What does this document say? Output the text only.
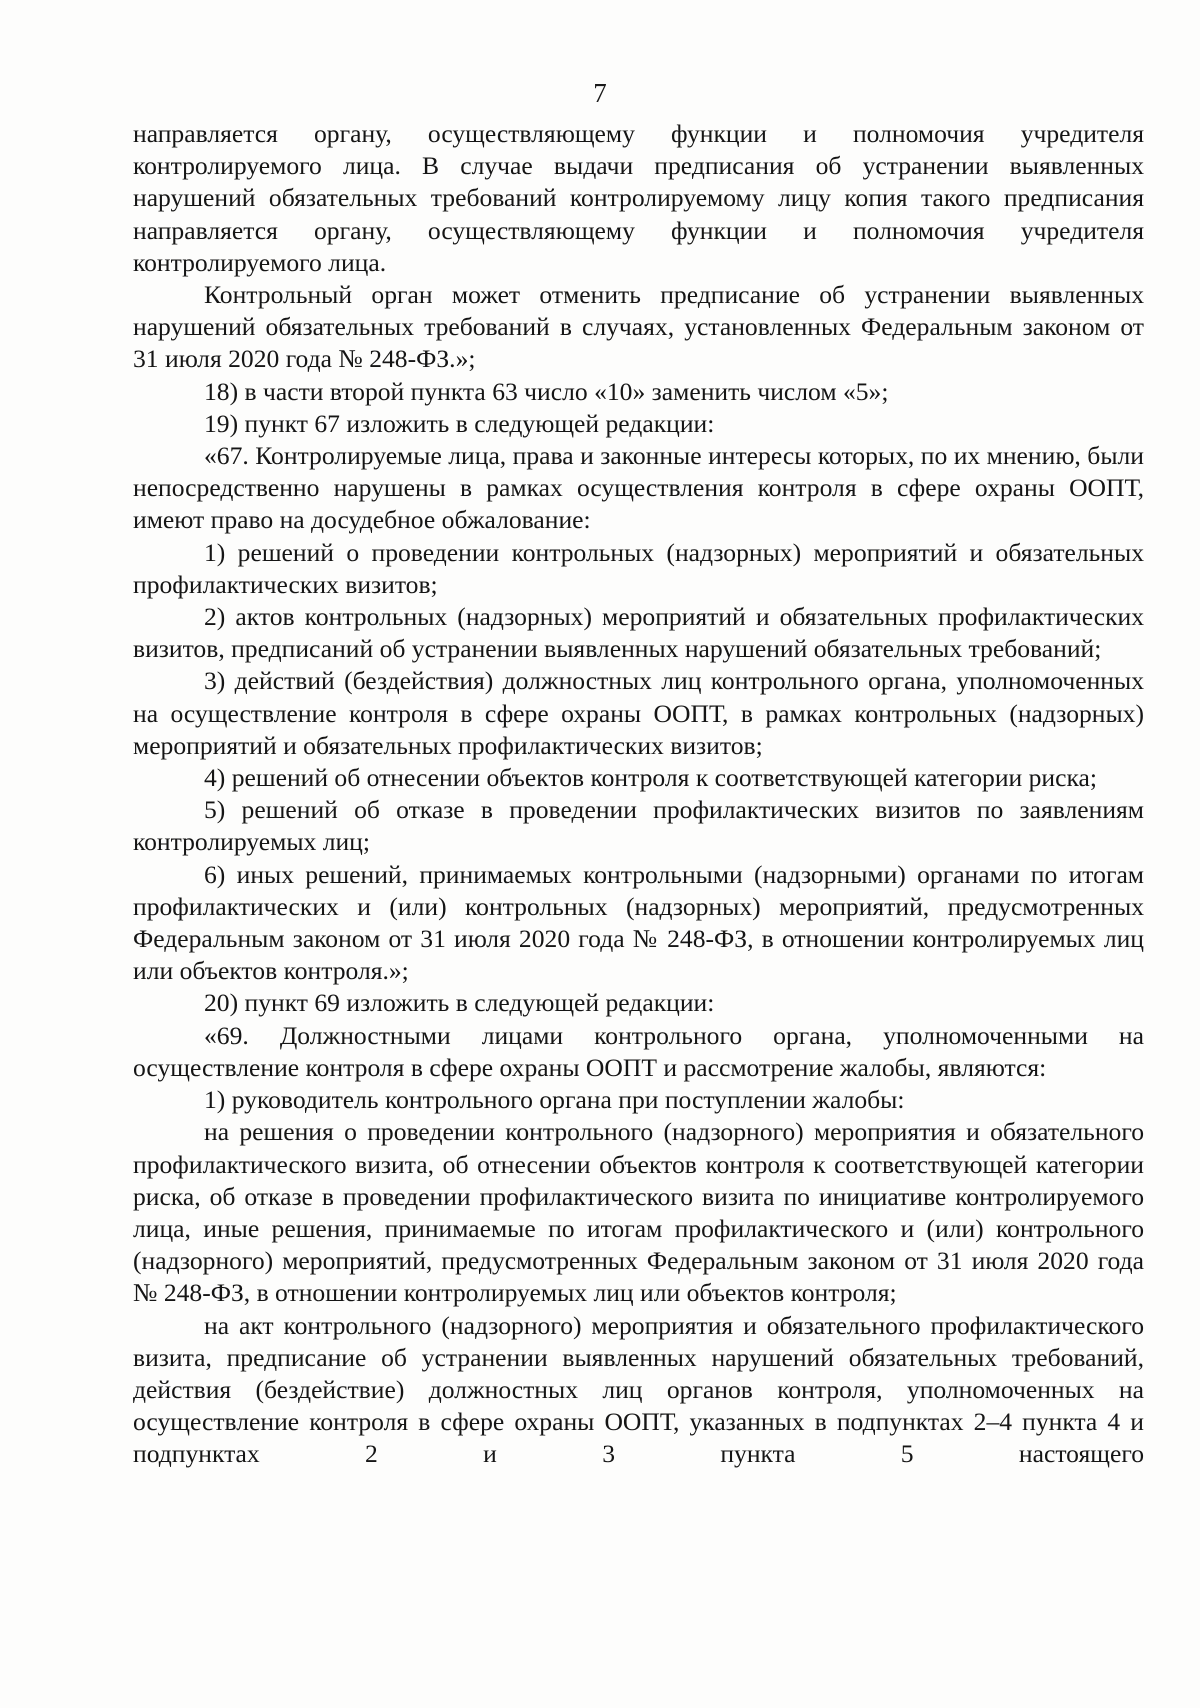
7

направляется органу, осуществляющему функции и полномочия учредителя контролируемого лица. В случае выдачи предписания об устранении выявленных нарушений обязательных требований контролируемому лицу копия такого предписания направляется органу, осуществляющему функции и полномочия учредителя контролируемого лица.

Контрольный орган может отменить предписание об устранении выявленных нарушений обязательных требований в случаях, установленных Федеральным законом от 31 июля 2020 года № 248-ФЗ.»;

18) в части второй пункта 63 число «10» заменить числом «5»;

19) пункт 67 изложить в следующей редакции:

«67. Контролируемые лица, права и законные интересы которых, по их мнению, были непосредственно нарушены в рамках осуществления контроля в сфере охраны ООПТ, имеют право на досудебное обжалование:

1) решений о проведении контрольных (надзорных) мероприятий и обязательных профилактических визитов;

2) актов контрольных (надзорных) мероприятий и обязательных профилактических визитов, предписаний об устранении выявленных нарушений обязательных требований;

3) действий (бездействия) должностных лиц контрольного органа, уполномоченных на осуществление контроля в сфере охраны ООПТ, в рамках контрольных (надзорных) мероприятий и обязательных профилактических визитов;

4) решений об отнесении объектов контроля к соответствующей категории риска;

5) решений об отказе в проведении профилактических визитов по заявлениям контролируемых лиц;

6) иных решений, принимаемых контрольными (надзорными) органами по итогам профилактических и (или) контрольных (надзорных) мероприятий, предусмотренных Федеральным законом от 31 июля 2020 года № 248-ФЗ, в отношении контролируемых лиц или объектов контроля.»;

20) пункт 69 изложить в следующей редакции:

«69. Должностными лицами контрольного органа, уполномоченными на осуществление контроля в сфере охраны ООПТ и рассмотрение жалобы, являются:

1) руководитель контрольного органа при поступлении жалобы:

на решения о проведении контрольного (надзорного) мероприятия и обязательного профилактического визита, об отнесении объектов контроля к соответствующей категории риска, об отказе в проведении профилактического визита по инициативе контролируемого лица, иные решения, принимаемые по итогам профилактического и (или) контрольного (надзорного) мероприятий, предусмотренных Федеральным законом от 31 июля 2020 года № 248-ФЗ, в отношении контролируемых лиц или объектов контроля;

на акт контрольного (надзорного) мероприятия и обязательного профилактического визита, предписание об устранении выявленных нарушений обязательных требований, действия (бездействие) должностных лиц органов контроля, уполномоченных на осуществление контроля в сфере охраны ООПТ, указанных в подпунктах 2–4 пункта 4 и подпунктах 2 и 3 пункта 5 настоящего
